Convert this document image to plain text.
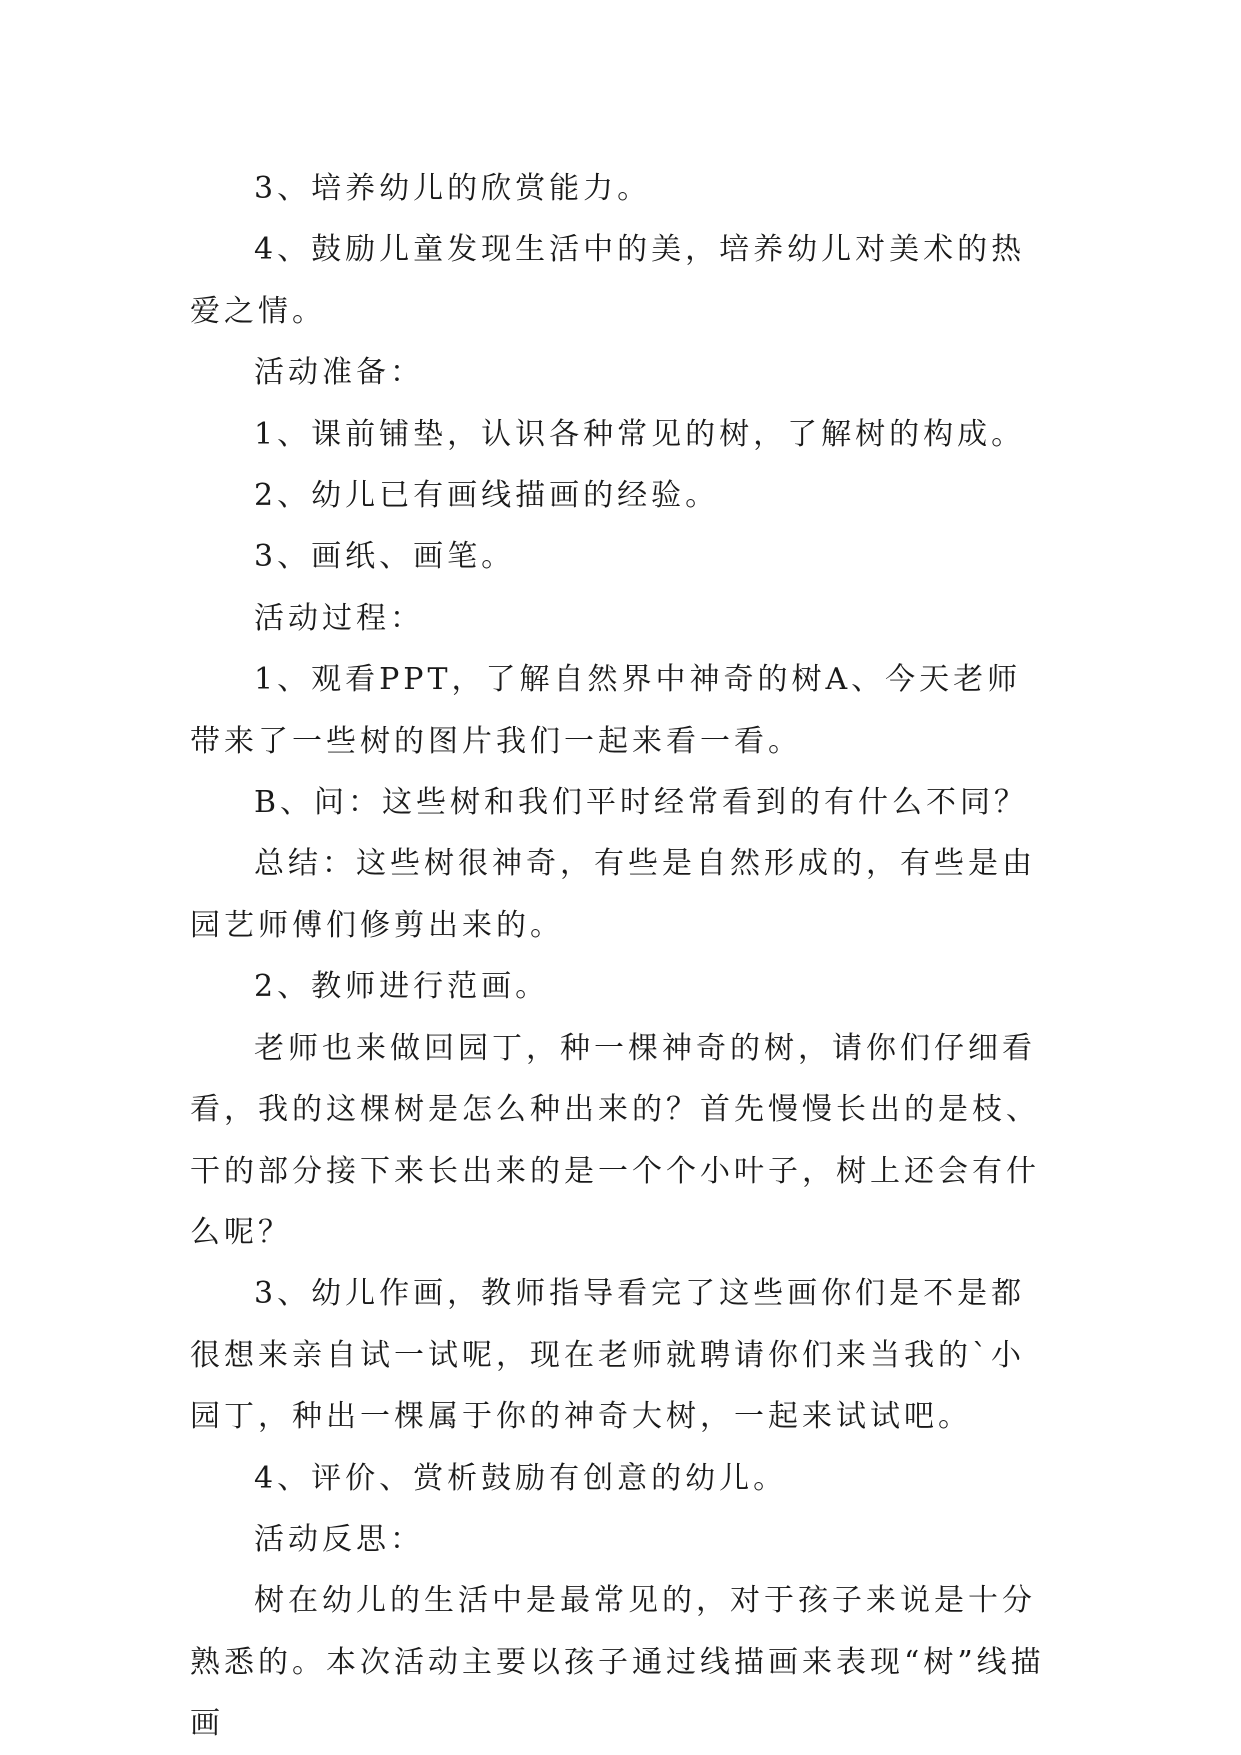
3、培养幼儿的欣赏能力。

4、鼓励儿童发现生活中的美，培养幼儿对美术的热爱之情。

活动准备：

1、课前铺垫，认识各种常见的树，了解树的构成。

2、幼儿已有画线描画的经验。

3、画纸、画笔。

活动过程：

1、观看PPT，了解自然界中神奇的树A、今天老师带来了一些树的图片我们一起来看一看。

B、问：这些树和我们平时经常看到的有什么不同？

总结：这些树很神奇，有些是自然形成的，有些是由园艺师傅们修剪出来的。

2、教师进行范画。

老师也来做回园丁，种一棵神奇的树，请你们仔细看看，我的这棵树是怎么种出来的？首先慢慢长出的是枝、干的部分接下来长出来的是一个个小叶子，树上还会有什么呢？

3、幼儿作画，教师指导看完了这些画你们是不是都很想来亲自试一试呢，现在老师就聘请你们来当我的`小园丁，种出一棵属于你的神奇大树，一起来试试吧。

4、评价、赏析鼓励有创意的幼儿。

活动反思：

树在幼儿的生活中是最常见的，对于孩子来说是十分熟悉的。本次活动主要以孩子通过线描画来表现“树”线描画
